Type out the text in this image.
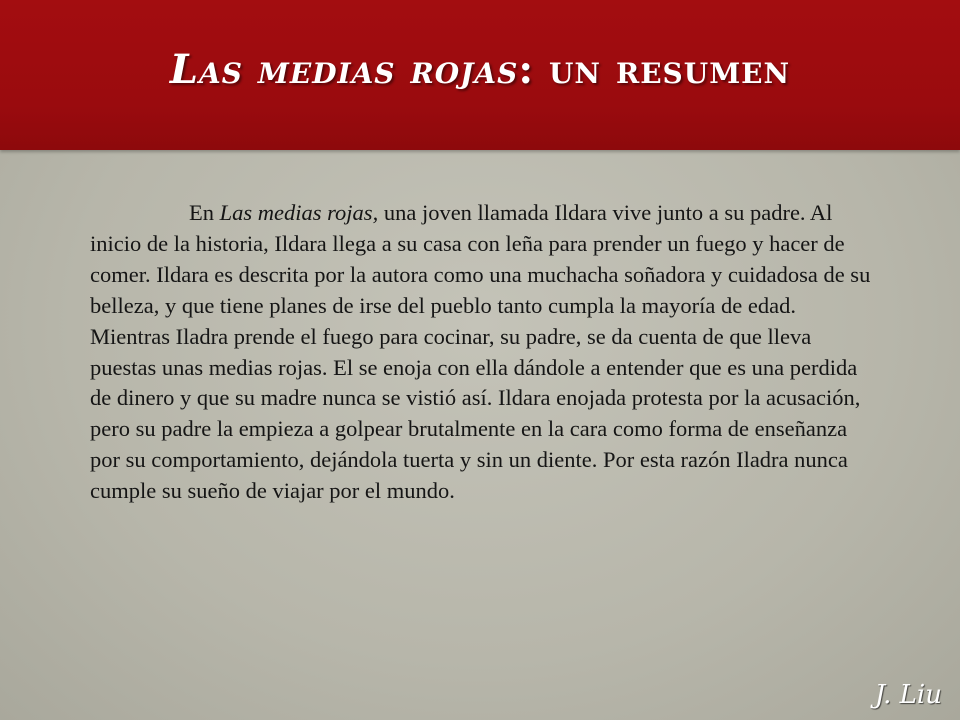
Las medias rojas: un resumen

En Las medias rojas, una joven llamada Ildara vive junto a su padre. Al inicio de la historia, Ildara llega a su casa con leña para prender un fuego y hacer de comer. Ildara es descrita por la autora como una muchacha soñadora y cuidadosa de su belleza, y que tiene planes de irse del pueblo tanto cumpla la mayoría de edad. Mientras Iladra prende el fuego para cocinar, su padre, se da cuenta de que lleva puestas unas medias rojas. El se enoja con ella dándole a entender que es una perdida de dinero y que su madre nunca se vistió así. Ildara enojada protesta por la acusación, pero su padre la empieza a golpear brutalmente en la cara como forma de enseñanza por su comportamiento, dejándola tuerta y sin un diente. Por esta razón Iladra nunca cumple su sueño de viajar por el mundo.

J. Liu
